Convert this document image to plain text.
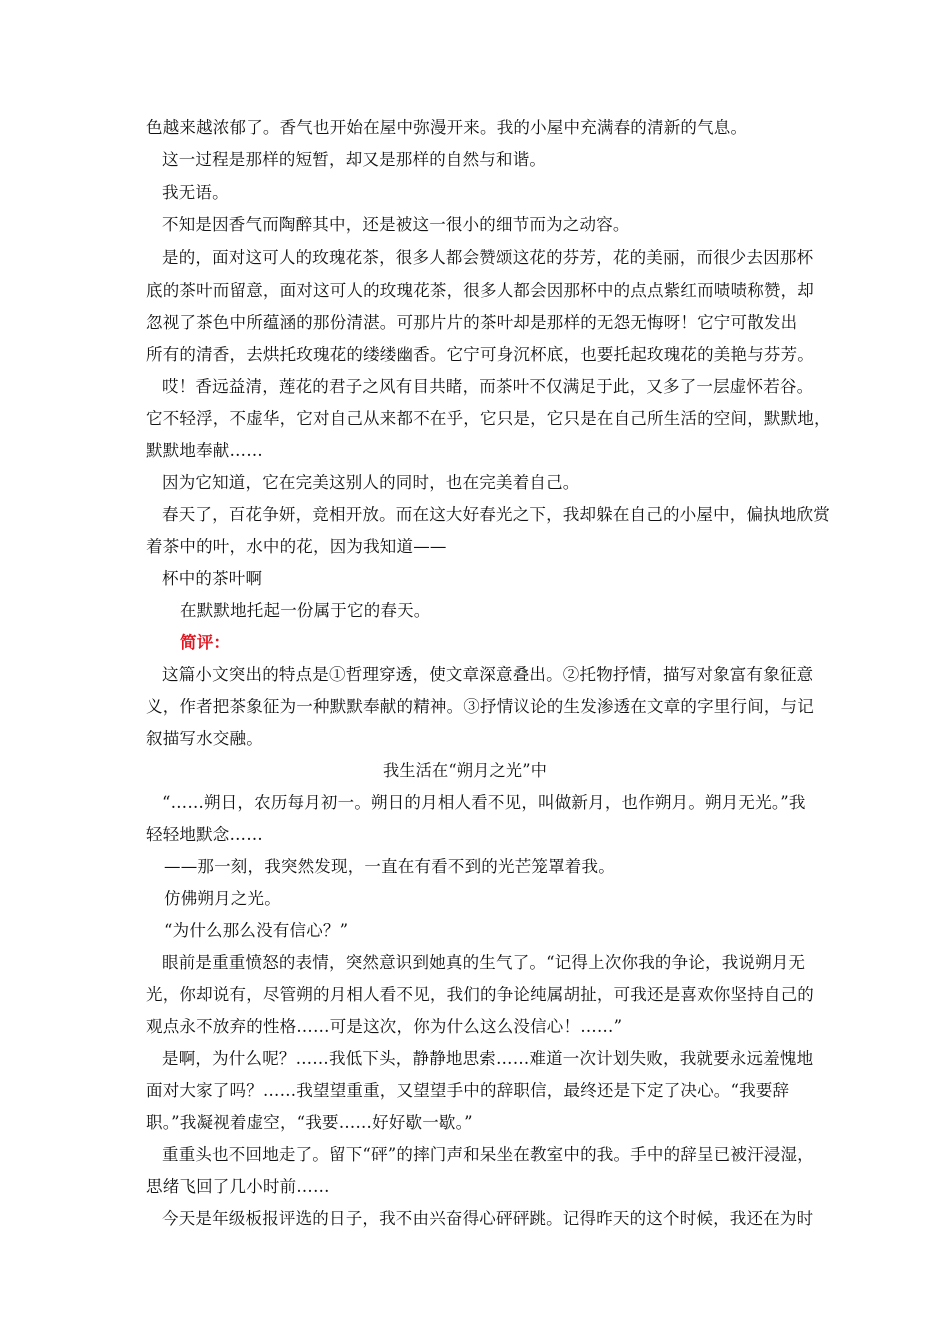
色越来越浓郁了。香气也开始在屋中弥漫开来。我的小屋中充满春的清新的气息。
这一过程是那样的短暂，却又是那样的自然与和谐。
我无语。
不知是因香气而陶醉其中，还是被这一很小的细节而为之动容。
是的，面对这可人的玫瑰花茶，很多人都会赞颂这花的芬芳，花的美丽，而很少去因那杯
底的茶叶而留意，面对这可人的玫瑰花茶，很多人都会因那杯中的点点紫红而啧啧称赞，却
忽视了茶色中所蕴涵的那份清湛。可那片片的茶叶却是那样的无怨无悔呀！它宁可散发出
所有的清香，去烘托玫瑰花的缕缕幽香。它宁可身沉杯底，也要托起玫瑰花的美艳与芬芳。
哎！香远益清，莲花的君子之风有目共睹，而茶叶不仅满足于此，又多了一层虚怀若谷。
它不轻浮，不虚华，它对自己从来都不在乎，它只是，它只是在自己所生活的空间，默默地，
默默地奉献……
因为它知道，它在完美这别人的同时，也在完美着自己。
春天了，百花争妍，竞相开放。而在这大好春光之下，我却躲在自己的小屋中，偏执地欣赏
着茶中的叶，水中的花，因为我知道——
杯中的茶叶啊
在默默地托起一份属于它的春天。
简评：
这篇小文突出的特点是①哲理穿透，使文章深意叠出。②托物抒情，描写对象富有象征意
义，作者把茶象征为一种默默奉献的精神。③抒情议论的生发渗透在文章的字里行间，与记
叙描写水交融。
我生活在“朔月之光”中
“……朔日，农历每月初一。朔日的月相人看不见，叫做新月，也作朔月。朔月无光。”我
轻轻地默念……
——那一刻，我突然发现，一直在有看不到的光芒笼罩着我。
仿佛朔月之光。
“为什么那么没有信心？”
眼前是重重愤怒的表情，突然意识到她真的生气了。“记得上次你我的争论，我说朔月无
光，你却说有，尽管朔的月相人看不见，我们的争论纯属胡扯，可我还是喜欢你坚持自己的
观点永不放弃的性格……可是这次，你为什么这么没信心！……”
是啊，为什么呢？……我低下头，静静地思索……难道一次计划失败，我就要永远羞愧地
面对大家了吗？……我望望重重，又望望手中的辞职信，最终还是下定了决心。“我要辞
职。”我凝视着虚空，“我要……好好歇一歇。”
重重头也不回地走了。留下“砰”的摔门声和呆坐在教室中的我。手中的辞呈已被汗浸湿，
思绪飞回了几小时前……
今天是年级板报评选的日子，我不由兴奋得心砰砰跳。记得昨天的这个时候，我还在为时
